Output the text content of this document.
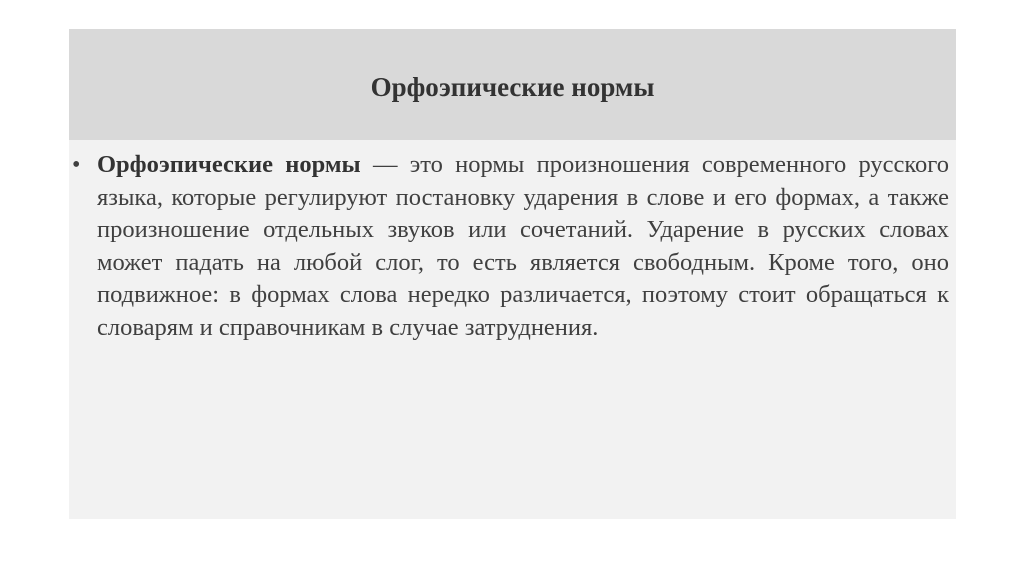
Орфоэпические нормы
• Орфоэпические нормы — это нормы произношения современного русского языка, которые регулируют постановку ударения в слове и его формах, а также произношение отдельных звуков или сочетаний. Ударение в русских словах может падать на любой слог, то есть является свободным. Кроме того, оно подвижное: в формах слова нередко различается, поэтому стоит обращаться к словарям и справочникам в случае затруднения.
